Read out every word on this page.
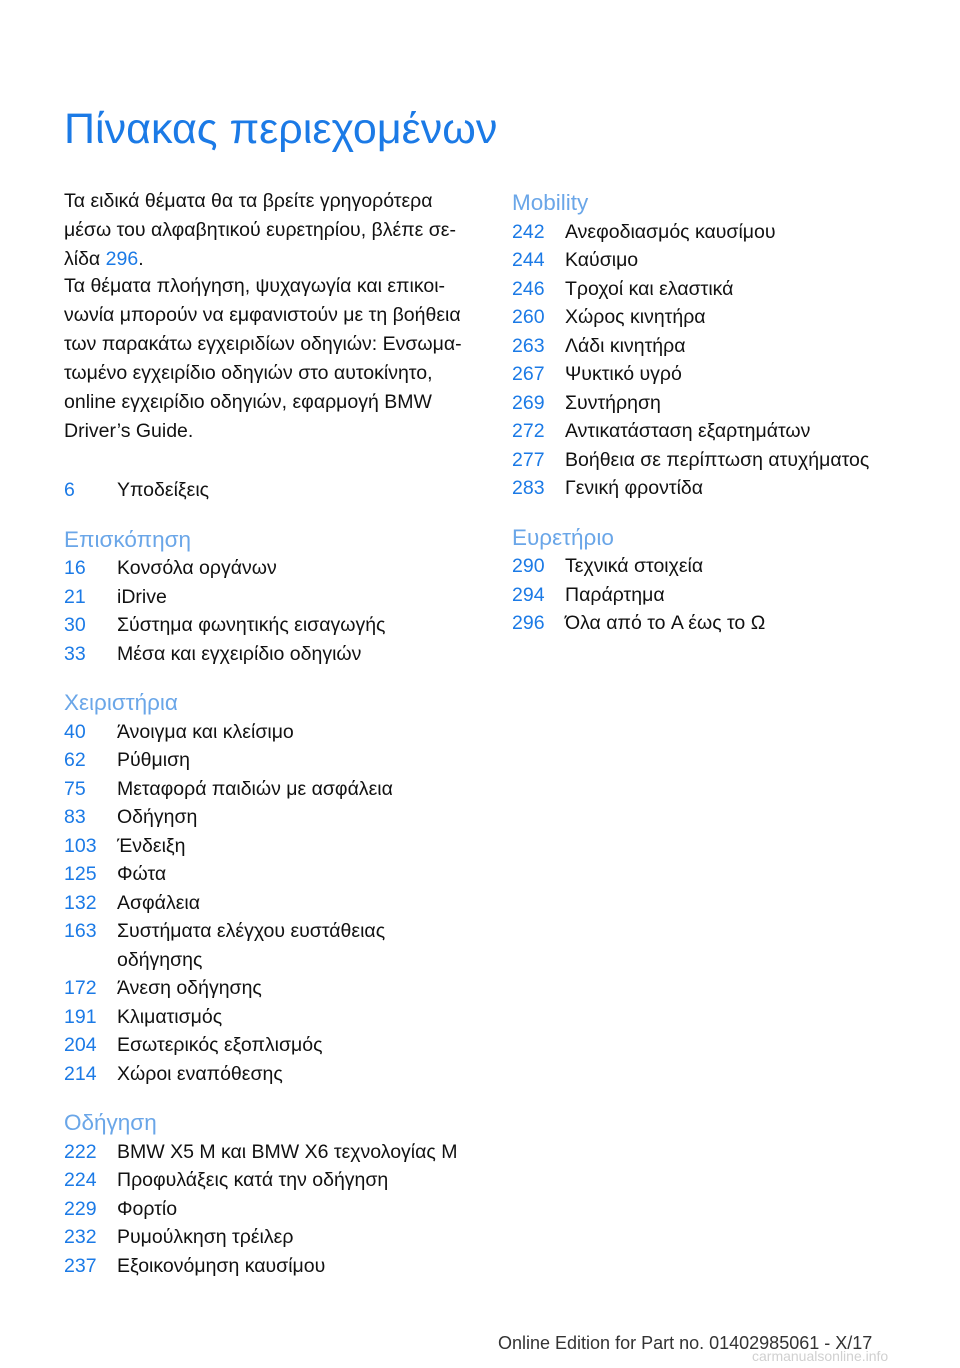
Πίνακας περιεχομένων

Τα ειδικά θέματα θα τα βρείτε γρηγορότερα μέσω του αλφαβητικού ευρετηρίου, βλέπε σε-λίδα 296.

Τα θέματα πλοήγηση, ψυχαγωγία και επικοι-νωνία μπορούν να εμφανιστούν με τη βοήθεια των παρακάτω εγχειριδίων οδηγιών: Ενσωμα-τωμένο εγχειρίδιο οδηγιών στο αυτοκίνητο, online εγχειρίδιο οδηγιών, εφαρμογή BMW Driver’s Guide.

6	Υποδείξεις
Επισκόπηση
16	Κονσόλα οργάνων
21	iDrive
30	Σύστημα φωνητικής εισαγωγής
33	Μέσα και εγχειρίδιο οδηγιών
Χειριστήρια
40	Άνοιγμα και κλείσιμο
62	Ρύθμιση
75	Μεταφορά παιδιών με ασφάλεια
83	Οδήγηση
103	Ένδειξη
125	Φώτα
132	Ασφάλεια
163	Συστήματα ελέγχου ευστάθειας οδήγησης
172	Άνεση οδήγησης
191	Κλιματισμός
204	Εσωτερικός εξοπλισμός
214	Χώροι εναπόθεσης
Οδήγηση
222	BMW X5 M και BMW X6 τεχνολογίας M
224	Προφυλάξεις κατά την οδήγηση
229	Φορτίο
232	Ρυμούλκηση τρέιλερ
237	Εξοικονόμηση καυσίμου
Mobility
242	Ανεφοδιασμός καυσίμου
244	Καύσιμο
246	Τροχοί και ελαστικά
260	Χώρος κινητήρα
263	Λάδι κινητήρα
267	Ψυκτικό υγρό
269	Συντήρηση
272	Αντικατάσταση εξαρτημάτων
277	Βοήθεια σε περίπτωση ατυχήματος
283	Γενική φροντίδα
Ευρετήριο
290	Τεχνικά στοιχεία
294	Παράρτημα
296	Όλα από το A έως το Ω
Online Edition for Part no. 01402985061 - X/17
carmanualsonline.info
